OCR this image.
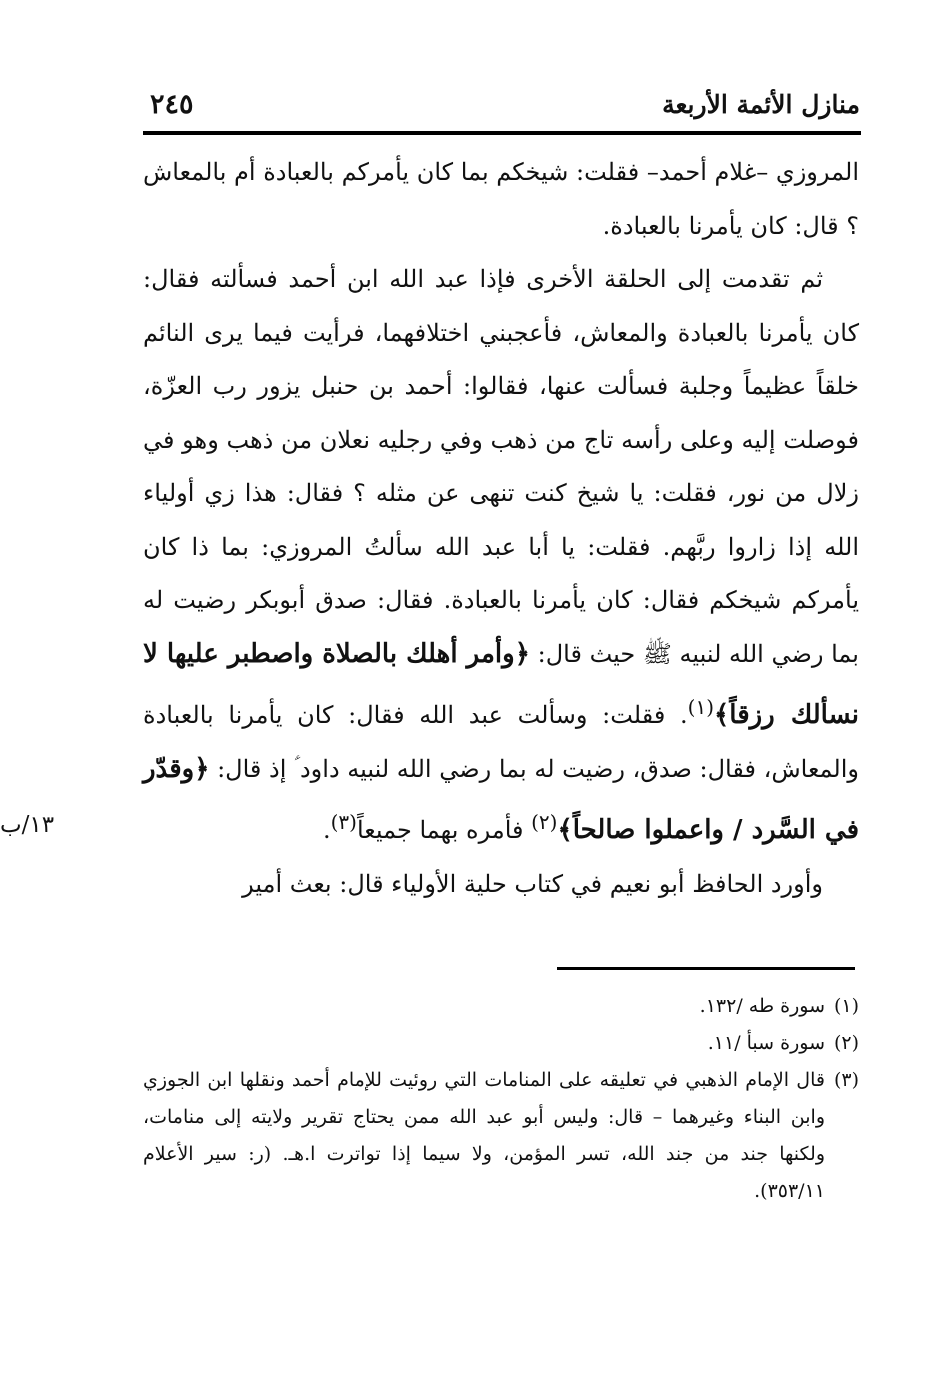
منازل الأئمة الأربعة
٢٤٥

المروزي –غلام أحمد– فقلت: شيخكم بما كان يأمركم بالعبادة أم بالمعاش ؟ قال: كان يأمرنا بالعبادة.

ثم تقدمت إلى الحلقة الأخرى فإذا عبد الله ابن أحمد فسألته فقال: كان يأمرنا بالعبادة والمعاش، فأعجبني اختلافهما، فرأيت فيما يرى النائم خلقاً عظيماً وجلبة فسألت عنها، فقالوا: أحمد بن حنبل يزور رب العزّة، فوصلت إليه وعلى رأسه تاج من ذهب وفي رجليه نعلان من ذهب وهو في زلال من نور، فقلت: يا شيخ كنت تنهى عن مثله ؟ فقال: هذا زي أولياء الله إذا زاروا ربَّهم. فقلت: يا أبا عبد الله سألتُ المروزي: بما ذا كان يأمركم شيخكم فقال: كان يأمرنا بالعبادة. فقال: صدق أبوبكر رضيت له بما رضي الله لنبيه ﷺ حيث قال: ﴿وأمر أهلك بالصلاة واصطبر عليها لا نسألك رزقاً﴾$^{(١)}$. فقلت: وسألت عبد الله فقال: كان يأمرنا بالعبادة والمعاش، فقال: صدق، رضيت له بما رضي الله لنبيه داود ؑ إذ قال: ﴿وقدّر في السَّرد / واعملوا صالحاً﴾$^{(٢)}$ فأمره بهما جميعاً$^{(٣)}$.

وأورد الحافظ أبو نعيم في كتاب حلية الأولياء قال: بعث أمير

١٣/ب
(١)
سورة طه /١٣٢.
(٢)
سورة سبأ /١١.
(٣)
قال الإمام الذهبي في تعليقه على المنامات التي روئيت للإمام أحمد ونقلها ابن الجوزي وابن البناء وغيرهما – قال: وليس أبو عبد الله ممن يحتاج تقرير ولايته إلى منامات، ولكنها جند من جند الله، تسر المؤمن، ولا سيما إذا تواترت ا.هـ. (ر: سير الأعلام ٣٥٣/١١).
